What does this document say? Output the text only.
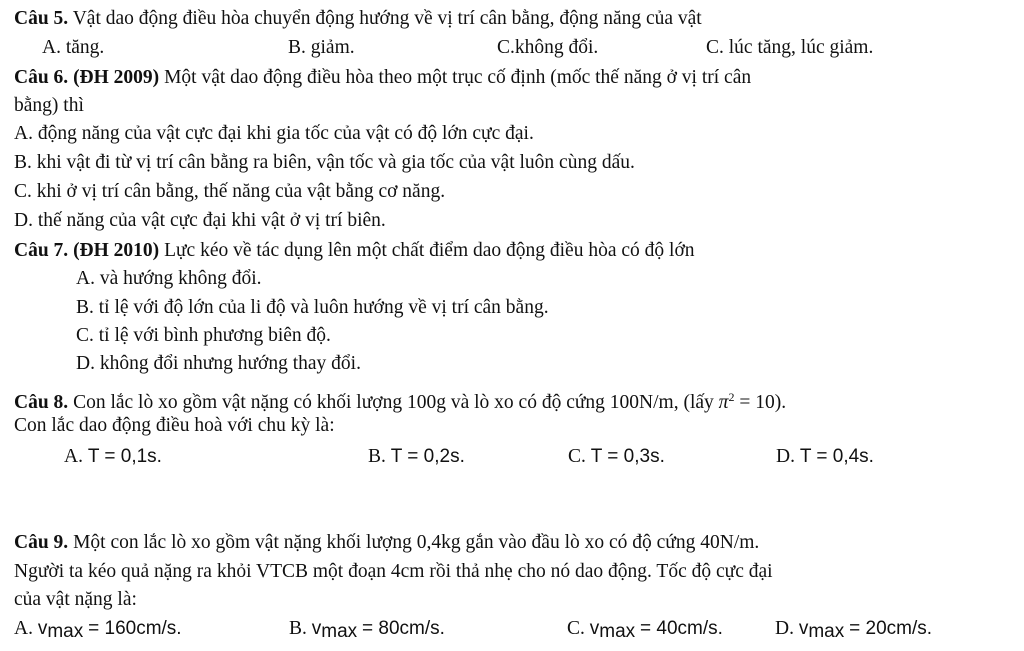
Câu 5. Vật dao động điều hòa chuyển động hướng về vị trí cân bằng, động năng của vật
A. tăng.	B. giảm.	C.không đổi.	C. lúc tăng, lúc giảm.
Câu 6. (ĐH 2009) Một vật dao động điều hòa theo một trục cố định (mốc thế năng ở vị trí cân
bằng) thì
A. động năng của vật cực đại khi gia tốc của vật có độ lớn cực đại.
B. khi vật đi từ vị trí cân bằng ra biên, vận tốc và gia tốc của vật luôn cùng dấu.
C. khi ở vị trí cân bằng, thế năng của vật bằng cơ năng.
D. thế năng của vật cực đại khi vật ở vị trí biên.
Câu 7. (ĐH 2010) Lực kéo về tác dụng lên một chất điểm dao động điều hòa có độ lớn
A. và hướng không đổi.
B. tỉ lệ với độ lớn của li độ và luôn hướng về vị trí cân bằng.
C. tỉ lệ với bình phương biên độ.
D. không đổi nhưng hướng thay đổi.
Câu 8. Con lắc lò xo gồm vật nặng có khối lượng 100g và lò xo có độ cứng 100N/m, (lấy $\pi^2 = 10$).
Con lắc dao động điều hoà với chu kỳ là:
A. T = 0,1s.	B. T = 0,2s.	C. T = 0,3s.	D. T = 0,4s.
Câu 9. Một con lắc lò xo gồm vật nặng khối lượng 0,4kg gắn vào đầu lò xo có độ cứng 40N/m.
Người ta kéo quả nặng ra khỏi VTCB một đoạn 4cm rồi thả nhẹ cho nó dao động. Tốc độ cực đại
của vật nặng là:
A. $v_{max} = 160cm/s$.	B. $v_{max} = 80cm/s$.	C. $v_{max} = 40cm/s$.	D. $v_{max} = 20cm/s$.
